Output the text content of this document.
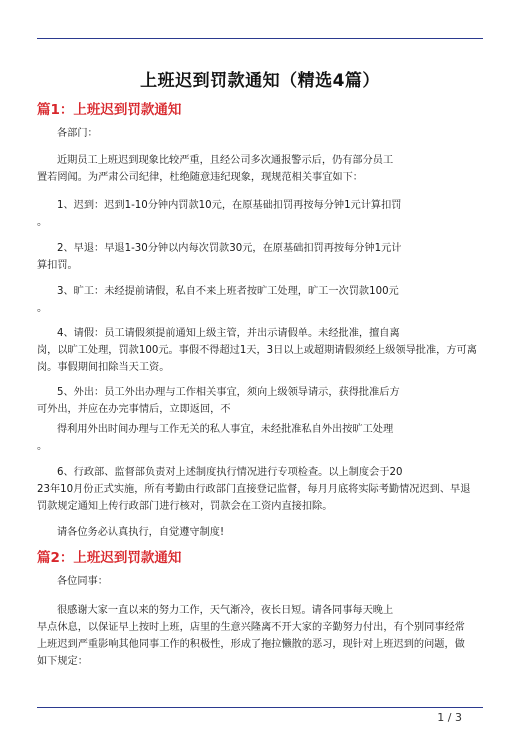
上班迟到罚款通知（精选4篇）
篇1：上班迟到罚款通知

各部门：

近期员工上班迟到现象比较严重，且经公司多次通报警示后，仍有部分员工
置若罔闻。为严肃公司纪律，杜绝随意违纪现象，现规范相关事宜如下：

1、迟到：迟到1-10分钟内罚款10元，在原基础扣罚再按每分钟1元计算扣罚
。

2、早退：早退1-30分钟以内每次罚款30元，在原基础扣罚再按每分钟1元计
算扣罚。

3、旷工：未经提前请假，私自不来上班者按旷工处理，旷工一次罚款100元
。

4、请假：员工请假须提前通知上级主管，并出示请假单。未经批准，擅自离
岗，以旷工处理，罚款100元。事假不得超过1天，3日以上或超期请假须经上级领导批准，方可离
岗。事假期间扣除当天工资。

5、外出：员工外出办理与工作相关事宜，须向上级领导请示，获得批准后方
可外出，并应在办完事情后，立即返回，不

得利用外出时间办理与工作无关的私人事宜，未经批准私自外出按旷工处理
。

6、行政部、监督部负责对上述制度执行情况进行专项检查。以上制度会于20
23年10月份正式实施，所有考勤由行政部门直接登记监督，每月月底将实际考勤情况迟到、早退
罚款规定通知上传行政部门进行核对，罚款会在工资内直接扣除。

请各位务必认真执行，自觉遵守制度!

篇2：上班迟到罚款通知

各位同事：

很感谢大家一直以来的努力工作，天气渐冷，夜长日短。请各同事每天晚上
早点休息，以保证早上按时上班，店里的生意兴隆离不开大家的辛勤努力付出，有个别同事经常
上班迟到严重影响其他同事工作的积极性，形成了拖拉懒散的恶习，现针对上班迟到的问题，做
如下规定：

1 / 3
